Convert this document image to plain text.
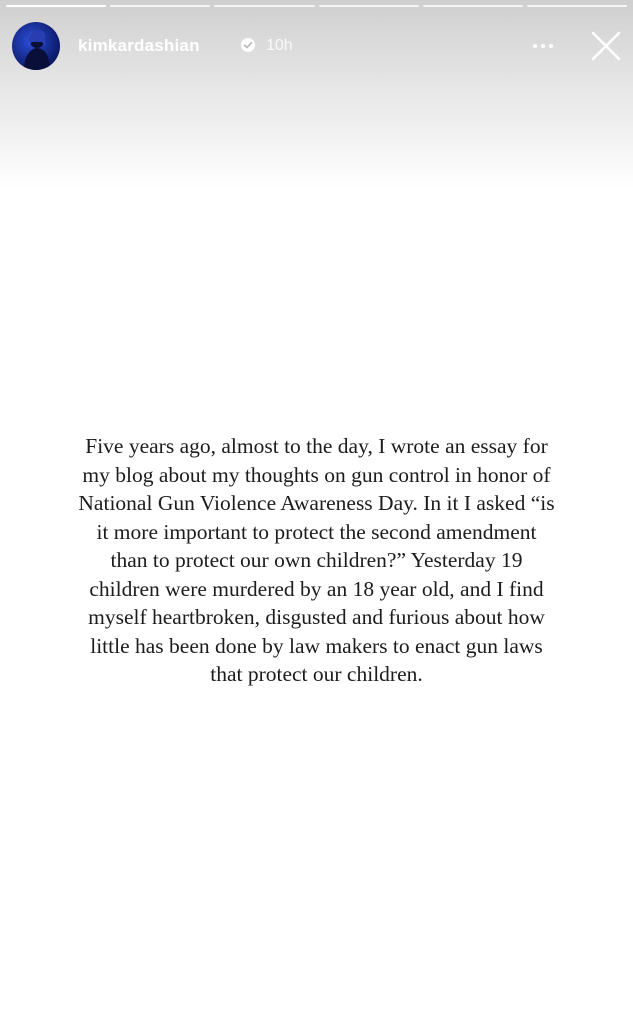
kimkardashian	10h
Five years ago, almost to the day, I wrote an essay for
my blog about my thoughts on gun control in honor of
National Gun Violence Awareness Day. In it I asked “is
it more important to protect the second amendment
than to protect our own children?” Yesterday 19
children were murdered by an 18 year old, and I find
myself heartbroken, disgusted and furious about how
little has been done by law makers to enact gun laws
that protect our children.
